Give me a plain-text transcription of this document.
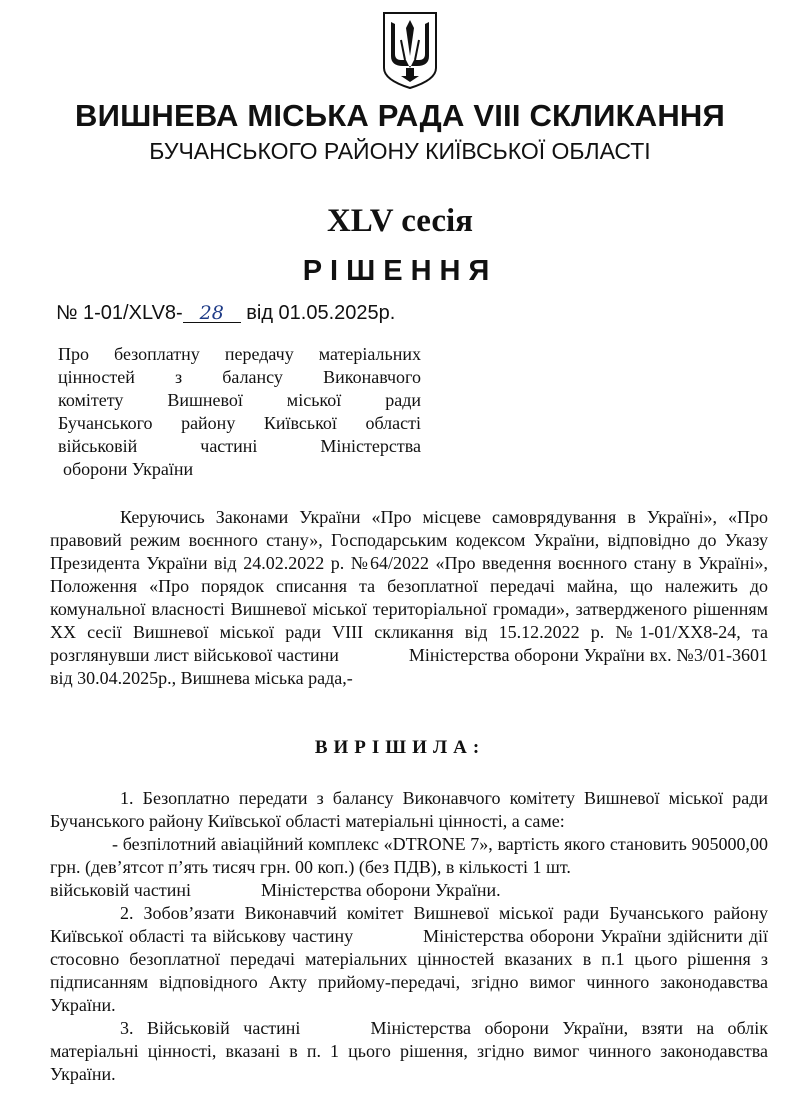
ВИШНЕВА МІСЬКА РАДА VIII СКЛИКАННЯ
БУЧАНСЬКОГО РАЙОНУ КИЇВСЬКОЇ ОБЛАСТІ
XLV сесія
РІШЕННЯ
№ 1-01/XLV8- 28 від 01.05.2025р.
Про безоплатну передачу матеріальних
цінностей з балансу Виконавчого
комітету Вишневої міської ради
Бучанського району Київської області
військовій частині Міністерства
оборони України

Керуючись Законами України «Про місцеве самоврядування в Україні», «Про правовий режим воєнного стану», Господарським кодексом України, відповідно до Указу Президента України від 24.02.2022 р. №64/2022 «Про введення воєнного стану в Україні», Положення «Про порядок списання та безоплатної передачі майна, що належить до комунальної власності Вишневої міської територіальної громади», затвердженого рішенням XX сесії Вишневої міської ради VIII скликання від 15.12.2022 р. №1-01/XX8-24, та розглянувши лист військової частини	Міністерства оборони України вх. №3/01-3601 від 30.04.2025р., Вишнева міська рада,-

ВИРІШИЛА:

1. Безоплатно передати з балансу Виконавчого комітету Вишневої міської ради Бучанського району Київської області матеріальні цінності, а саме:

- безпілотний авіаційний комплекс «DTRONE 7», вартість якого становить 905000,00 грн. (дев’ятсот п’ять тисяч грн. 00 коп.) (без ПДВ), в кількості 1 шт.

військовій частині	Міністерства оборони України.

2. Зобов’язати Виконавчий комітет Вишневої міської ради Бучанського району Київської області та військову частину	Міністерства оборони України здійснити дії стосовно безоплатної передачі матеріальних цінностей вказаних в п.1 цього рішення з підписанням відповідного Акту прийому-передачі, згідно вимог чинного законодавства України.

3. Військовій частині	Міністерства оборони України, взяти на облік матеріальні цінності, вказані в п. 1 цього рішення, згідно вимог чинного законодавства України.
